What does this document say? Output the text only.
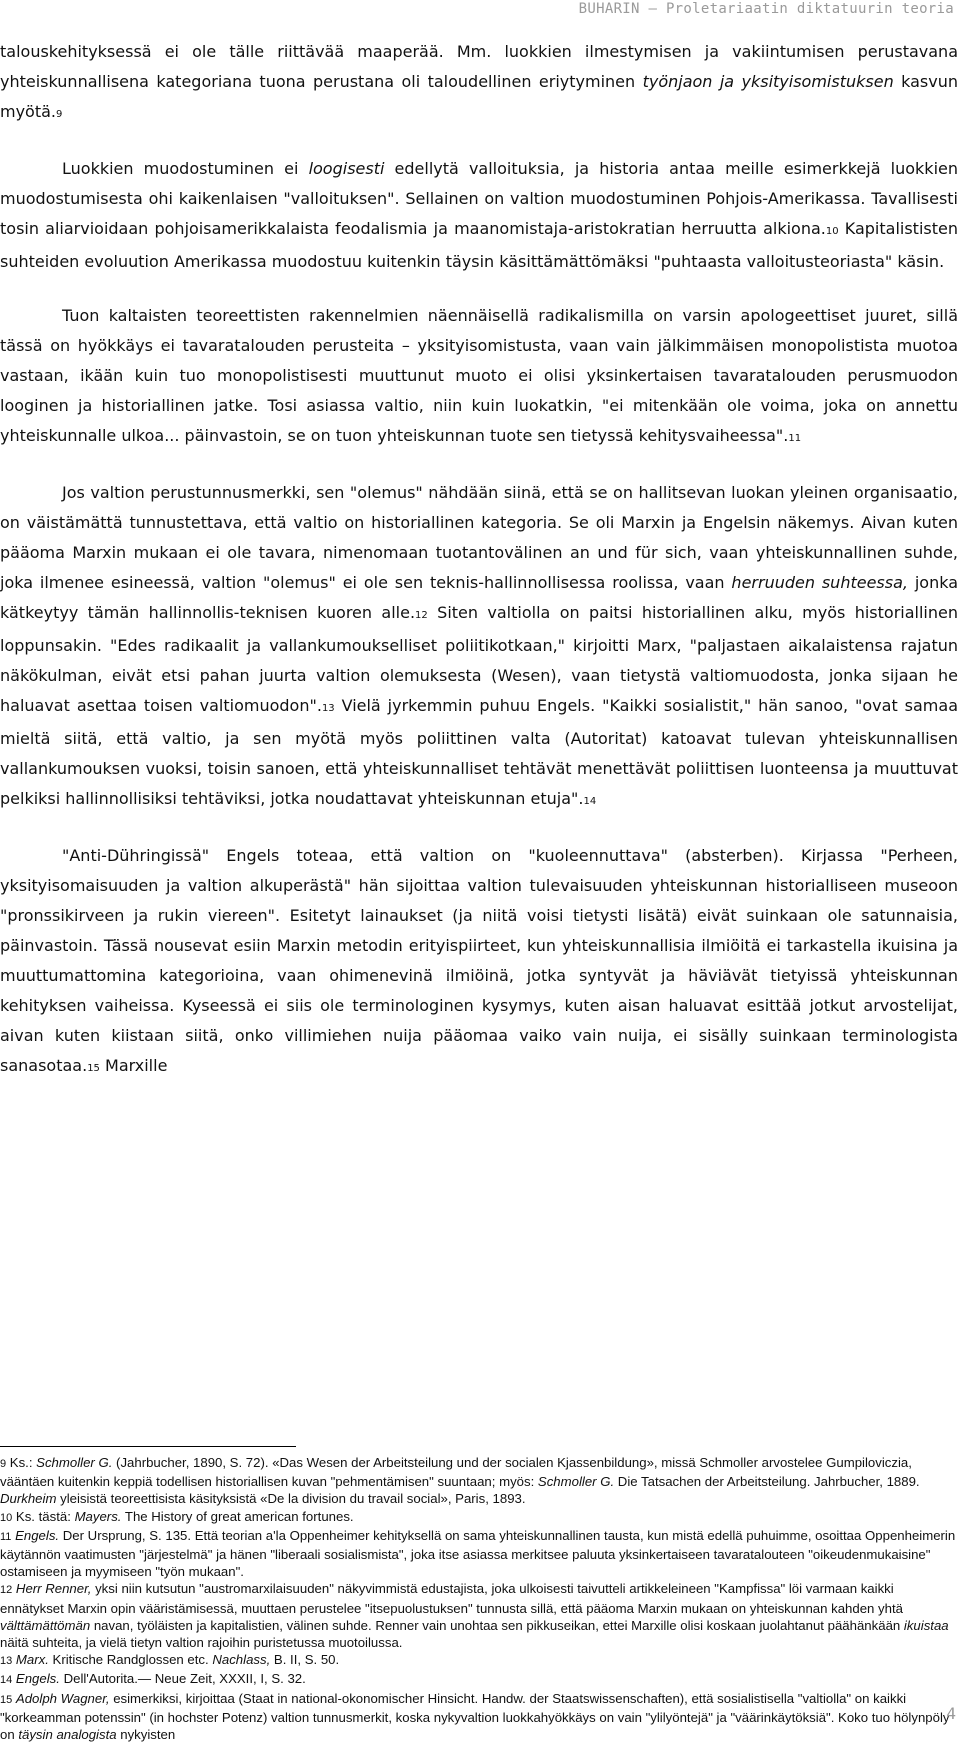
BUHARIN – Proletariaatin diktatuurin teoria

talouskehityksessä ei ole tälle riittävää maaperää. Mm. luokkien ilmestymisen ja vakiintumisen perustavana yhteiskunnallisena kategoriana tuona perustana oli taloudellinen eriytyminen työnjaon ja yksityisomistuksen kasvun myötä.9

Luokkien muodostuminen ei loogisesti edellytä valloituksia, ja historia antaa meille esimerkkejä luokkien muodostumisesta ohi kaikenlaisen "valloituksen". Sellainen on valtion muodostuminen Pohjois-Amerikassa. Tavallisesti tosin aliarvioidaan pohjoisamerikkalaista feodalismia ja maanomistaja-aristokratian herruutta alkiona.10 Kapitalististen suhteiden evoluution Amerikassa muodostuu kuitenkin täysin käsittämättömäksi "puhtaasta valloitusteoriasta" käsin.

Tuon kaltaisten teoreettisten rakennelmien näennäisellä radikalismilla on varsin apologeettiset juuret, sillä tässä on hyökkäys ei tavaratalouden perusteita – yksityisomistusta, vaan vain jälkimmäisen monopolistista muotoa vastaan, ikään kuin tuo monopolistisesti muuttunut muoto ei olisi yksinkertaisen tavaratalouden perusmuodon looginen ja historiallinen jatke. Tosi asiassa valtio, niin kuin luokatkin, "ei mitenkään ole voima, joka on annettu yhteiskunnalle ulkoa... päinvastoin, se on tuon yhteiskunnan tuote sen tietyssä kehitysvaiheessa".11

Jos valtion perustunnusmerkki, sen "olemus" nähdään siinä, että se on hallitsevan luokan yleinen organisaatio, on väistämättä tunnustettava, että valtio on historiallinen kategoria. Se oli Marxin ja Engelsin näkemys. Aivan kuten pääoma Marxin mukaan ei ole tavara, nimenomaan tuotantovälinen an und für sich, vaan yhteiskunnallinen suhde, joka ilmenee esineessä, valtion "olemus" ei ole sen teknis-hallinnollisessa roolissa, vaan herruuden suhteessa, jonka kätkeytyy tämän hallinnollis-teknisen kuoren alle.12 Siten valtiolla on paitsi historiallinen alku, myös historiallinen loppunsakin. "Edes radikaalit ja vallankumoukselliset poliitikotkaan," kirjoitti Marx, "paljastaen aikalaistensa rajatun näkökulman, eivät etsi pahan juurta valtion olemuksesta (Wesen), vaan tietystä valtiomuodosta, jonka sijaan he haluavat asettaa toisen valtiomuodon".13 Vielä jyrkemmin puhuu Engels. "Kaikki sosialistit," hän sanoo, "ovat samaa mieltä siitä, että valtio, ja sen myötä myös poliittinen valta (Autoritat) katoavat tulevan yhteiskunnallisen vallankumouksen vuoksi, toisin sanoen, että yhteiskunnalliset tehtävät menettävät poliittisen luonteensa ja muuttuvat pelkiksi hallinnollisiksi tehtäviksi, jotka noudattavat yhteiskunnan etuja".14

"Anti-Dühringissä" Engels toteaa, että valtion on "kuoleennuttava" (absterben). Kirjassa "Perheen, yksityisomaisuuden ja valtion alkuperästä" hän sijoittaa valtion tulevaisuuden yhteiskunnan historialliseen museoon "pronssikirveen ja rukin viereen". Esitetyt lainaukset (ja niitä voisi tietysti lisätä) eivät suinkaan ole satunnaisia, päinvastoin. Tässä nousevat esiin Marxin metodin erityispiirteet, kun yhteiskunnallisia ilmiöitä ei tarkastella ikuisina ja muuttumattomina kategorioina, vaan ohimenevinä ilmiöinä, jotka syntyvät ja häviävät tietyissä yhteiskunnan kehityksen vaiheissa. Kyseessä ei siis ole terminologinen kysymys, kuten aisan haluavat esittää jotkut arvostelijat, aivan kuten kiistaan siitä, onko villimiehen nuija pääomaa vaiko vain nuija, ei sisälly suinkaan terminologista sanasotaa.15 Marxille

9 Ks.: Schmoller G. (Jahrbucher, 1890, S. 72). «Das Wesen der Arbeitsteilung und der socialen Kjassenbildung», missä Schmoller arvostelee Gumpiloviczia, vääntäen kuitenkin keppiä todellisen historiallisen kuvan "pehmentämisen" suuntaan; myös: Schmoller G. Die Tatsachen der Arbeitsteilung. Jahrbucher, 1889. Durkheim yleisistä teoreettisista käsityksistä «De la division du travail social», Paris, 1893.

10 Ks. tästä: Mayers. The History of great american fortunes.

11 Engels. Der Ursprung, S. 135. Että teorian a'la Oppenheimer kehityksellä on sama yhteiskunnallinen tausta, kun mistä edellä puhuimme, osoittaa Oppenheimerin käytännön vaatimusten "järjestelmä" ja hänen "liberaali sosialismista", joka itse asiassa merkitsee paluuta yksinkertaiseen tavaratalouteen "oikeudenmukaisine" ostamiseen ja myymiseen "työn mukaan".

12 Herr Renner, yksi niin kutsutun "austromarxilaisuuden" näkyvimmistä edustajista, joka ulkoisesti taivutteli artikkeleineen "Kampfissa" löi varmaan kaikki ennätykset Marxin opin vääristämisessä, muuttaen perustelee "itsepuolustuksen" tunnusta sillä, että pääoma Marxin mukaan on yhteiskunnan kahden yhtä välttämättömän navan, työläisten ja kapitalistien, välinen suhde. Renner vain unohtaa sen pikkuseikan, ettei Marxille olisi koskaan juolahtanut päähänkään ikuistaa näitä suhteita, ja vielä tietyn valtion rajoihin puristetussa muotoilussa.

13 Marx. Kritische Randglossen etc. Nachlass, B. II, S. 50.

14 Engels. Dell'Autorita.— Neue Zeit, XXXII, I, S. 32.

15 Adolph Wagner, esimerkiksi, kirjoittaa (Staat in national-okonomischer Hinsicht. Handw. der Staatswissenschaften), että sosialistisella "valtiolla" on kaikki "korkeamman potenssin" (in hochster Potenz) valtion tunnusmerkit, koska nykyvaltion luokkahyökkäys on vain "ylilyöntejä" ja "väärinkäytöksiä". Koko tuo hölynpöly on täysin analogista nykyisten

4
